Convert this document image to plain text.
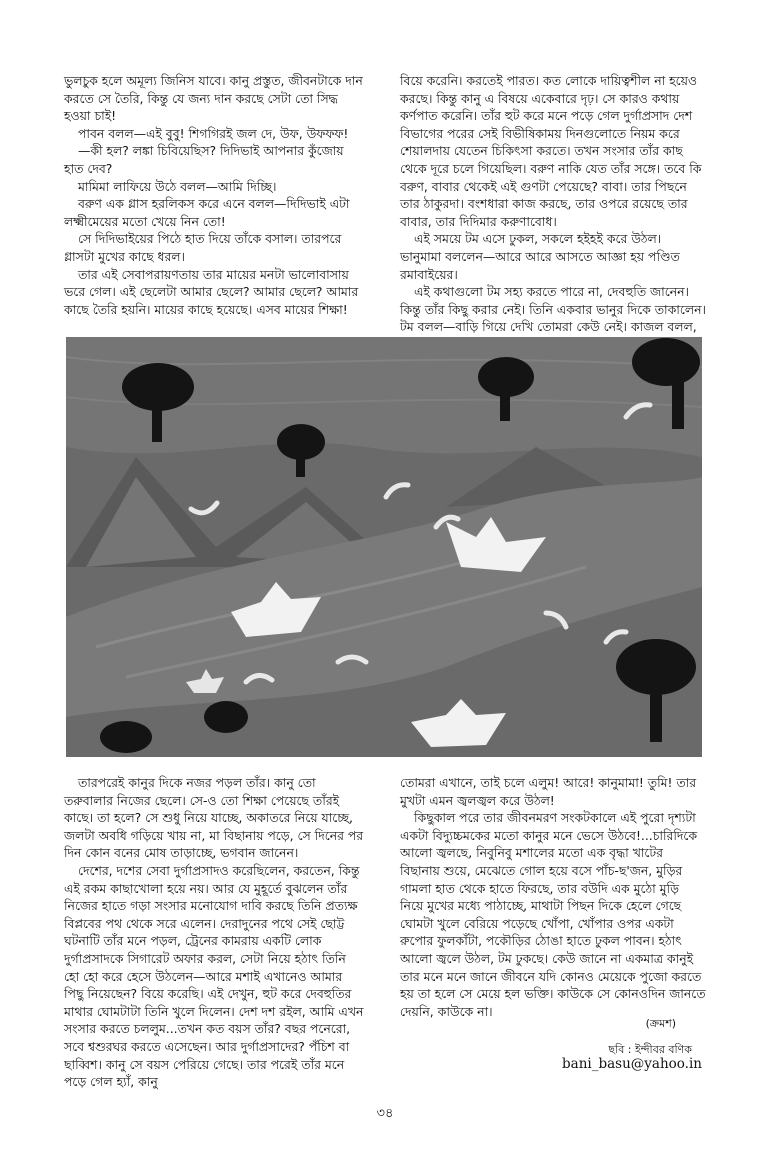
ভুলচুক হলে অমূল্য জিনিস যাবে। কানু প্রস্তুত, জীবনটাকে দান করতে সে তৈরি, কিন্তু যে জন্য দান করছে সেটা তো সিদ্ধ হওয়া চাই!

পাবন বলল—এই বুবু! শিগগিরই জল দে, উফ, উফফফ!

—কী হল? লঙ্কা চিবিয়েছিস? দিদিভাই আপনার কুঁজোয় হাত দেব?

মামিমা লাফিয়ে উঠে বলল—আমি দিচ্ছি।

বরুণ এক গ্লাস হরলিকস করে এনে বলল—দিদিভাই এটা লক্ষ্মীমেয়ের মতো খেয়ে নিন তো!

সে দিদিভাইয়ের পিঠে হাত দিয়ে তাঁকে বসাল। তারপরে গ্লাসটা মুখের কাছে ধরল।

তার এই সেবাপরায়ণতায় তার মায়ের মনটা ভালোবাসায় ভরে গেল। এই ছেলেটা আমার ছেলে? আমার ছেলে? আমার কাছে তৈরি হয়নি। মায়ের কাছে হয়েছে। এসব মায়ের শিক্ষা!

বিয়ে করেনি। করতেই পারত। কত লোকে দায়িত্বশীল না হয়েও করছে। কিন্তু কানু এ বিষয়ে একেবারে দৃঢ়। সে কারও কথায় কর্ণপাত করেনি। তাঁর হুট করে মনে পড়ে গেল দুর্গাপ্রসাদ দেশ বিভাগের পরের সেই বিভীষিকাময় দিনগুলোতে নিয়ম করে শেয়ালদায় যেতেন চিকিৎসা করতে। তখন সংসার তাঁর কাছ থেকে দূরে চলে গিয়েছিল। বরুণ নাকি যেত তাঁর সঙ্গে। তবে কি বরুণ, বাবার থেকেই এই গুণটা পেয়েছে? বাবা। তার পিছনে তার ঠাকুরদা। বংশধারা কাজ করছে, তার ওপরে রয়েছে তার বাবার, তার দিদিমার করুণাবোধ।

এই সময়ে টম এসে ঢুকল, সকলে হইহই করে উঠল। ভানুমামা বললেন—আরে আরে আসতে আজ্ঞা হয় পণ্ডিত রমাবাইয়ের।

এই কথাগুলো টম সহ্য করতে পারে না, দেবহুতি জানেন। কিন্তু তাঁর কিছু করার নেই। তিনি একবার ভানুর দিকে তাকালেন। টম বলল—বাড়ি গিয়ে দেখি তোমরা কেউ নেই। কাজল বলল,

তারপরেই কানুর দিকে নজর পড়ল তাঁর। কানু তো তরুবালার নিজের ছেলে। সে-ও তো শিক্ষা পেয়েছে তাঁরই কাছে। তা হলে? সে শুধু নিয়ে যাচ্ছে, অকাতরে নিয়ে যাচ্ছে, জলটা অবধি গড়িয়ে খায় না, মা বিছানায় পড়ে, সে দিনের পর দিন কোন বনের মোষ তাড়াচ্ছে, ভগবান জানেন।

দেশের, দশের সেবা দুর্গাপ্রসাদও করেছিলেন, করতেন, কিন্তু এই রকম কাছাখোলা হয়ে নয়। আর যে মুহূর্তে বুঝলেন তাঁর নিজের হাতে গড়া সংসার মনোযোগ দাবি করছে তিনি প্রত্যক্ষ বিপ্লবের পথ থেকে সরে এলেন। দেরাদুনের পথে সেই ছোট্ট ঘটনাটি তাঁর মনে পড়ল, ট্রেনের কামরায় একটি লোক দুর্গাপ্রসাদকে সিগারেট অফার করল, সেটা নিয়ে হঠাৎ তিনি হো হো করে হেসে উঠলেন—আরে মশাই এখানেও আমার পিছু নিয়েছেন? বিয়ে করেছি। এই দেখুন, হুট করে দেবহুতির মাথার ঘোমটাটা তিনি খুলে দিলেন। দেশ দশ রইল, আমি এখন সংসার করতে চললুম...তখন কত বয়স তাঁর? বছর পনেরো, সবে শ্বশুরঘর করতে এসেছেন। আর দুর্গাপ্রসাদের? পঁচিশ বা ছাব্বিশ। কানু সে বয়স পেরিয়ে গেছে। তার পরেই তাঁর মনে পড়ে গেল হ্যাঁ, কানু

তোমরা এখানে, তাই চলে এলুম! আরে! কানুমামা! তুমি! তার মুখটা এমন জ্বলজ্বল করে উঠল!

কিছুকাল পরে তার জীবনমরণ সংকটকালে এই পুরো দৃশ্যটা একটা বিদ্যুচ্চমকের মতো কানুর মনে ভেসে উঠবে!...চারিদিকে আলো জ্বলছে, নিবুনিবু মশালের মতো এক বৃদ্ধা খাটের বিছানায় শুয়ে, মেঝেতে গোল হয়ে বসে পাঁচ-ছ'জন, মুড়ির গামলা হাত থেকে হাতে ফিরছে, তার বউদি এক মুঠো মুড়ি নিয়ে মুখের মধ্যে পাঠাচ্ছে, মাথাটা পিছন দিকে হেলে গেছে ঘোমটা খুলে বেরিয়ে পড়েছে খোঁপা, খোঁপার ওপর একটা রুপোর ফুলকাঁটা, পকৌড়ির ঠোঙা হাতে ঢুকল পাবন। হঠাৎ আলো জ্বলে উঠল, টম ঢুকছে। কেউ জানে না একমাত্র কানুই তার মনে মনে জানে জীবনে যদি কোনও মেয়েকে পুজো করতে হয় তা হলে সে মেয়ে হল ভক্তি। কাউকে সে কোনওদিন জানতে দেয়নি, কাউকে না।

(ক্রমশ)
ছবি : ইন্দীবর বণিক
bani_basu@yahoo.in
৩৪
